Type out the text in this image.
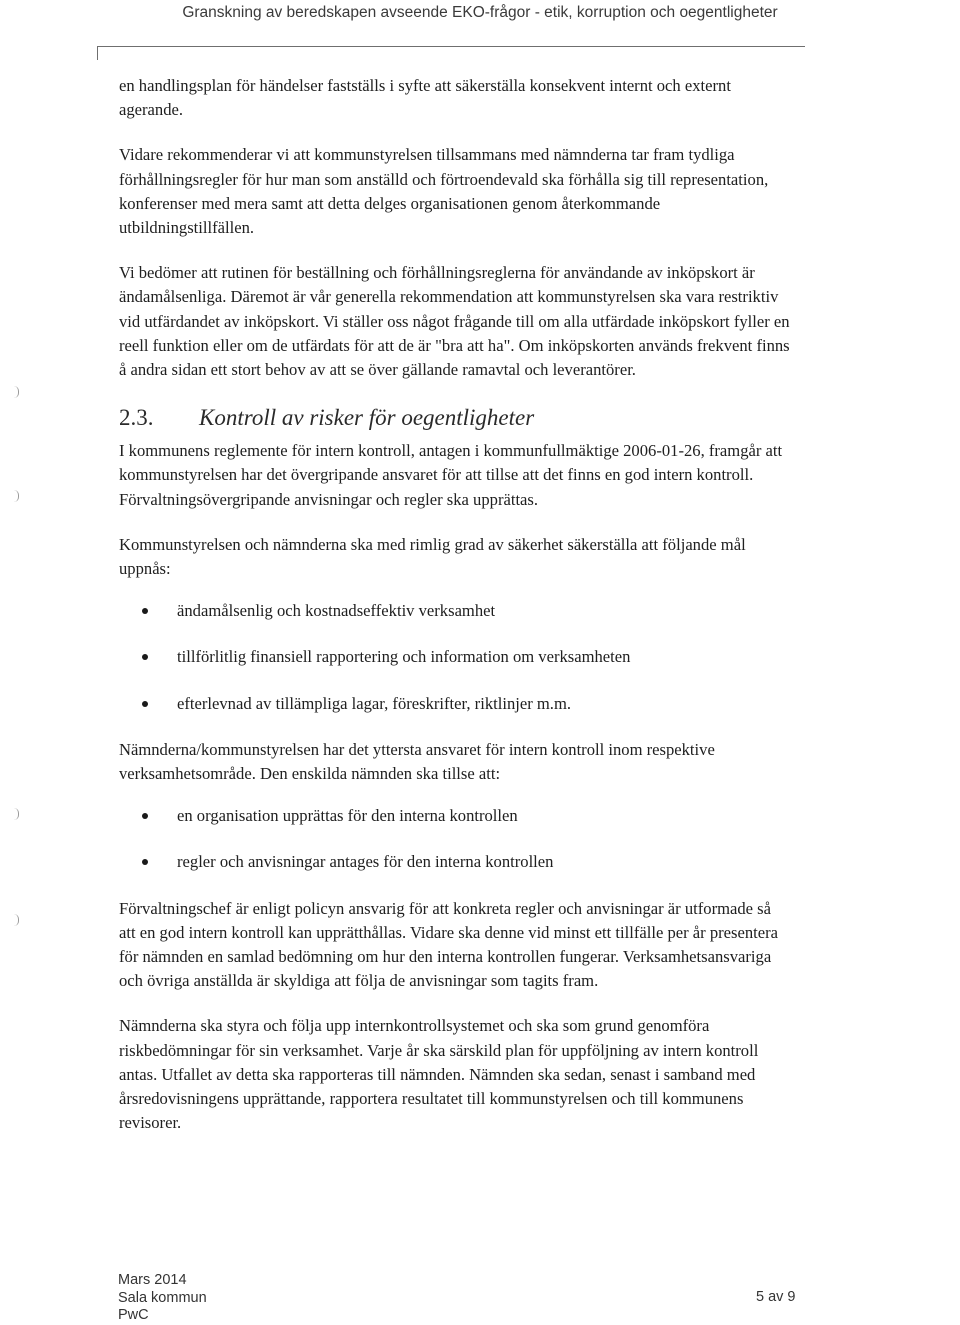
Granskning av beredskapen avseende EKO-frågor - etik, korruption och oegentligheter

en handlingsplan för händelser fastställs i syfte att säkerställa konsekvent internt och externt agerande.

Vidare rekommenderar vi att kommunstyrelsen tillsammans med nämnderna tar fram tydliga förhållningsregler för hur man som anställd och förtroendevald ska förhålla sig till representation, konferenser med mera samt att detta delges organisationen genom återkommande utbildningstillfällen.

Vi bedömer att rutinen för beställning och förhållningsreglerna för användande av inköpskort är ändamålsenliga. Däremot är vår generella rekommendation att kommunstyrelsen ska vara restriktiv vid utfärdandet av inköpskort. Vi ställer oss något frågande till om alla utfärdade inköpskort fyller en reell funktion eller om de utfärdats för att de är "bra att ha". Om inköpskorten används frekvent finns å andra sidan ett stort behov av att se över gällande ramavtal och leverantörer.

2.3. Kontroll av risker för oegentligheter

I kommunens reglemente för intern kontroll, antagen i kommunfullmäktige 2006-01-26, framgår att kommunstyrelsen har det övergripande ansvaret för att tillse att det finns en god intern kontroll. Förvaltningsövergripande anvisningar och regler ska upprättas.

Kommunstyrelsen och nämnderna ska med rimlig grad av säkerhet säkerställa att följande mål uppnås:

ändamålsenlig och kostnadseffektiv verksamhet
tillförlitlig finansiell rapportering och information om verksamheten
efterlevnad av tillämpliga lagar, föreskrifter, riktlinjer m.m.

Nämnderna/kommunstyrelsen har det yttersta ansvaret för intern kontroll inom respektive verksamhetsområde. Den enskilda nämnden ska tillse att:

en organisation upprättas för den interna kontrollen
regler och anvisningar antages för den interna kontrollen

Förvaltningschef är enligt policyn ansvarig för att konkreta regler och anvisningar är utformade så att en god intern kontroll kan upprätthållas. Vidare ska denne vid minst ett tillfälle per år presentera för nämnden en samlad bedömning om hur den interna kontrollen fungerar. Verksamhetsansvariga och övriga anställda är skyldiga att följa de anvisningar som tagits fram.

Nämnderna ska styra och följa upp internkontrollsystemet och ska som grund genomföra riskbedömningar för sin verksamhet. Varje år ska särskild plan för uppföljning av intern kontroll antas. Utfallet av detta ska rapporteras till nämnden. Nämnden ska sedan, senast i samband med årsredovisningens upprättande, rapportera resultatet till kommunstyrelsen och till kommunens revisorer.

Mars 2014
Sala kommun
PwC
5 av 9
